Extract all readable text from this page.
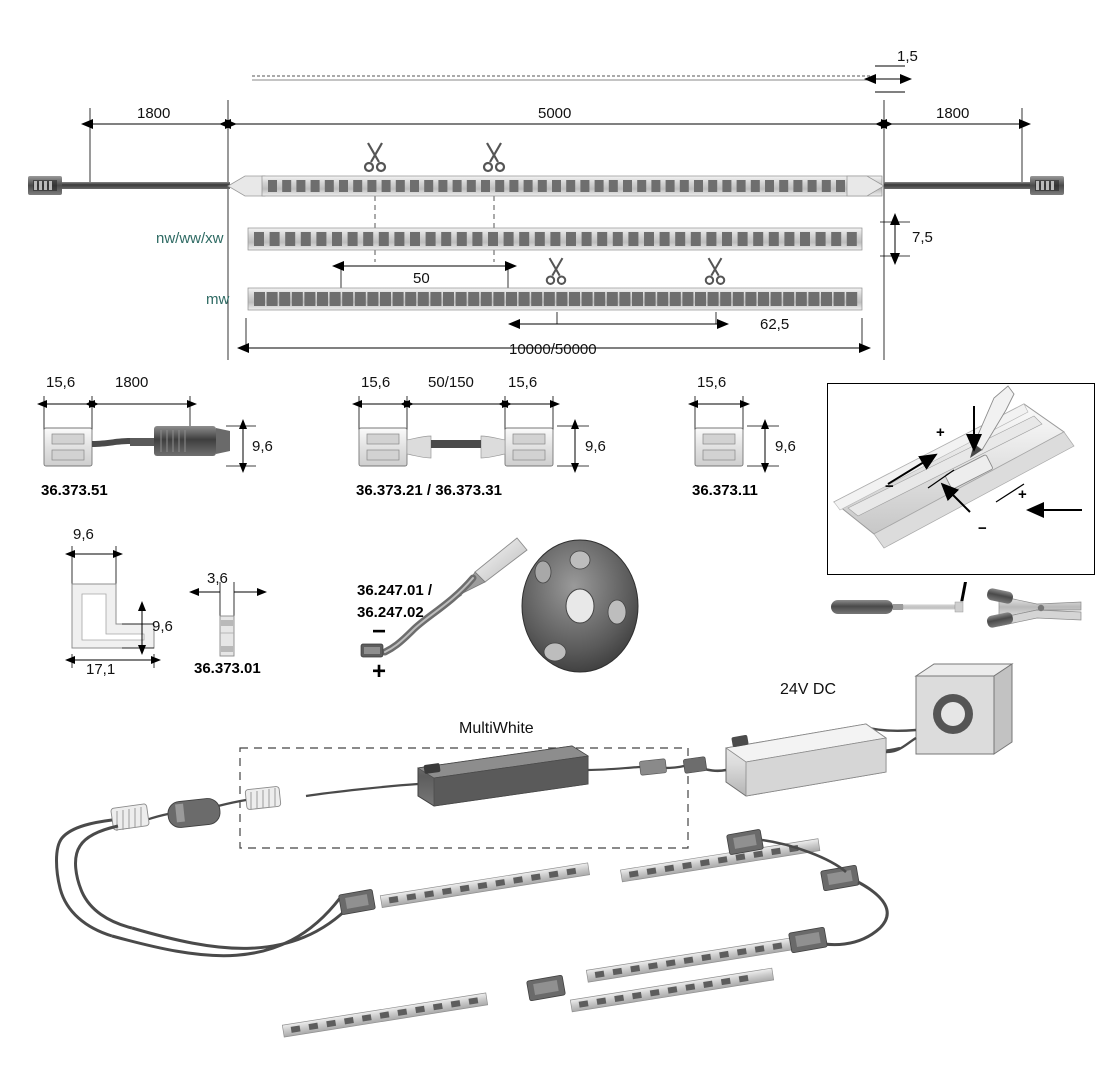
1,5
1800	5000	1800
nw/ww/xw
mw
7,5
50
62,5
10000/50000
15,6	1800
9,6
36.373.51
15,6	50/150 15,6
9,6
36.373.21 / 36.373.31
15,6
9,6
36.373.11
+
+
−
−
/
9,6
9,6
17,1
3,6
36.373.01
36.247.01 /
36.247.02
−
+
MultiWhite
24V DC
